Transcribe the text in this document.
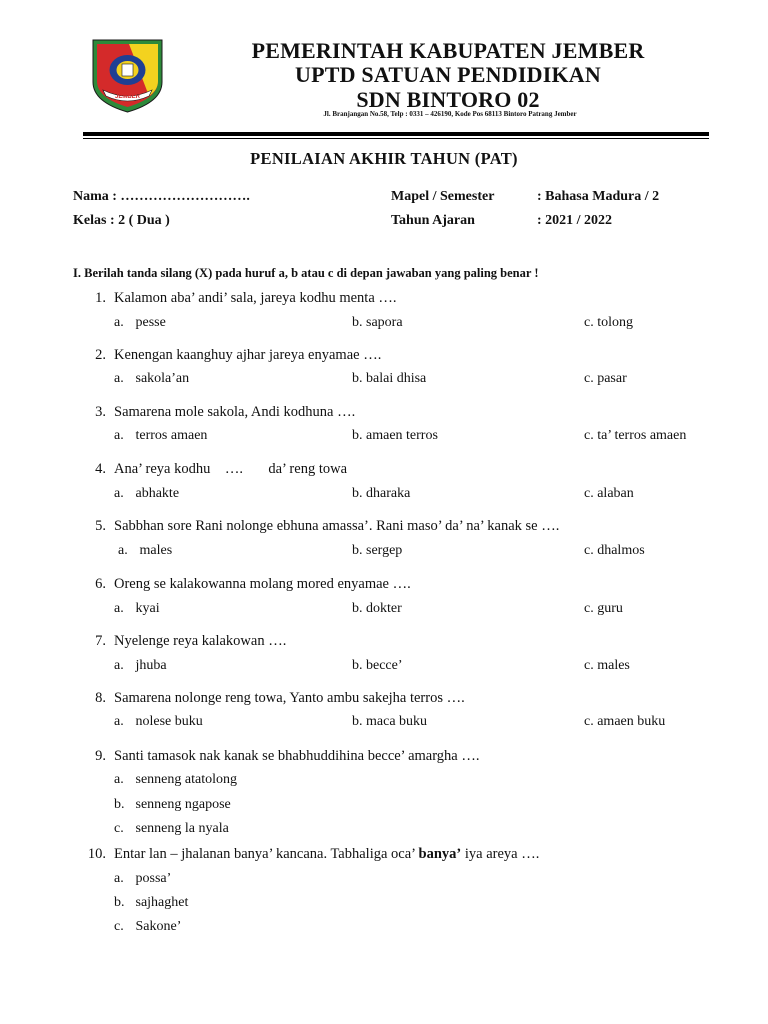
JEMBER
PEMERINTAH KABUPATEN JEMBER
UPTD SATUAN PENDIDIKAN
SDN BINTORO 02
Jl. Branjangan No.58, Telp : 0331 – 426190, Kode Pos 68113 Bintoro Patrang Jember
PENILAIAN AKHIR TAHUN (PAT)
Nama : ……………………….
Kelas : 2 ( Dua )
Mapel / Semester	: Bahasa Madura / 2
Tahun Ajaran	: 2021 / 2022
I. Berilah tanda silang (X) pada huruf a, b atau c di depan jawaban yang paling benar !
1. Kalamon aba’ andi’ sala, jareya kodhu menta ….
a. pesse	b. sapora	c. tolong
2. Kenengan kaanghuy ajhar jareya enyamae ….
a. sakola’an	b. balai dhisa	c. pasar
3. Samarena mole sakola, Andi kodhuna ….
a. terros amaen	b. amaen terros	c. ta’ terros amaen
4. Ana’ reya kodhu    ….       da’ reng towa
a. abhakte	b. dharaka	c. alaban
5. Sabbhan sore Rani nolonge ebhuna amassa’. Rani maso’ da’ na’ kanak se ….
a. males	b. sergep	c. dhalmos
6. Oreng se kalakowanna molang mored enyamae ….
a. kyai	b. dokter	c. guru
7. Nyelenge reya kalakowan ….
a. jhuba	b. becce’	c. males
8. Samarena nolonge reng towa, Yanto ambu sakejha terros ….
a. nolese buku	b. maca buku	c. amaen buku
9. Santi tamasok nak kanak se bhabhuddihina becce’ amargha ….
a. senneng atatolong
b. senneng ngapose
c. senneng la nyala
10. Entar lan – jhalanan banya’ kancana. Tabhaliga oca’ banya’ iya areya ….
a. possa’
b. sajhaghet
c. Sakone’
